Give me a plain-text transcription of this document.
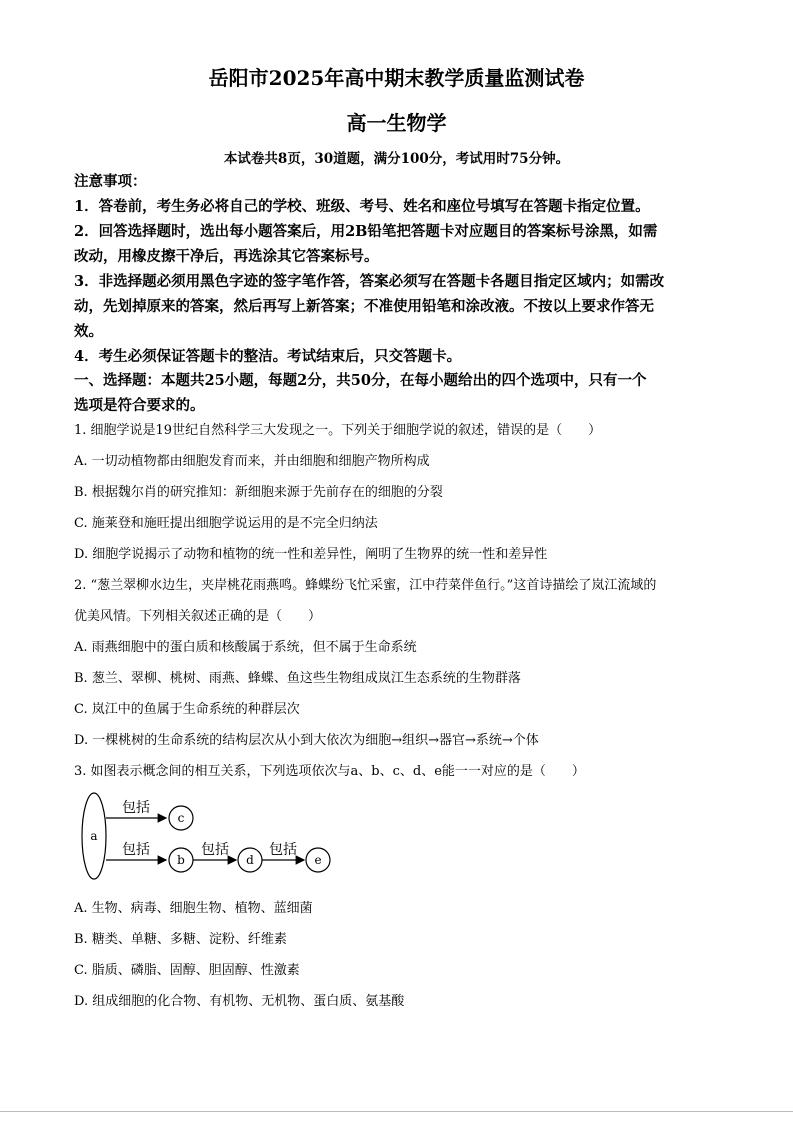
岳阳市2025年高中期末教学质量监测试卷
高一生物学
本试卷共8页，30道题，满分100分，考试用时75分钟。
注意事项：
1．答卷前，考生务必将自己的学校、班级、考号、姓名和座位号填写在答题卡指定位置。
2．回答选择题时，选出每小题答案后，用2B铅笔把答题卡对应题目的答案标号涂黑，如需
改动，用橡皮擦干净后，再选涂其它答案标号。
3．非选择题必须用黑色字迹的签字笔作答，答案必须写在答题卡各题目指定区域内；如需改
动，先划掉原来的答案，然后再写上新答案；不准使用铅笔和涂改液。不按以上要求作答无
效。
4．考生必须保证答题卡的整洁。考试结束后，只交答题卡。
一、选择题：本题共25小题，每题2分，共50分，在每小题给出的四个选项中，只有一个
选项是符合要求的。
1. 细胞学说是19世纪自然科学三大发现之一。下列关于细胞学说的叙述，错误的是（　　）
A. 一切动植物都由细胞发育而来，并由细胞和细胞产物所构成
B. 根据魏尔肖的研究推知：新细胞来源于先前存在的细胞的分裂
C. 施莱登和施旺提出细胞学说运用的是不完全归纳法
D. 细胞学说揭示了动物和植物的统一性和差异性，阐明了生物界的统一性和差异性
2. “葱兰翠柳水边生，夹岸桃花雨燕鸣。蜂蝶纷飞忙采蜜，江中荇菜伴鱼行。”这首诗描绘了岚江流域的
优美风情。下列相关叙述正确的是（　　）
A. 雨燕细胞中的蛋白质和核酸属于系统，但不属于生命系统
B. 葱兰、翠柳、桃树、雨燕、蜂蝶、鱼这些生物组成岚江生态系统的生物群落
C. 岚江中的鱼属于生命系统的种群层次
D. 一棵桃树的生命系统的结构层次从小到大依次为细胞→组织→器官→系统→个体
3. 如图表示概念间的相互关系，下列选项依次与a、b、c、d、e能一一对应的是（　　）
a
包括
c
包括
b
包括
d
包括
e
A. 生物、病毒、细胞生物、植物、蓝细菌
B. 糖类、单糖、多糖、淀粉、纤维素
C. 脂质、磷脂、固醇、胆固醇、性激素
D. 组成细胞的化合物、有机物、无机物、蛋白质、氨基酸
